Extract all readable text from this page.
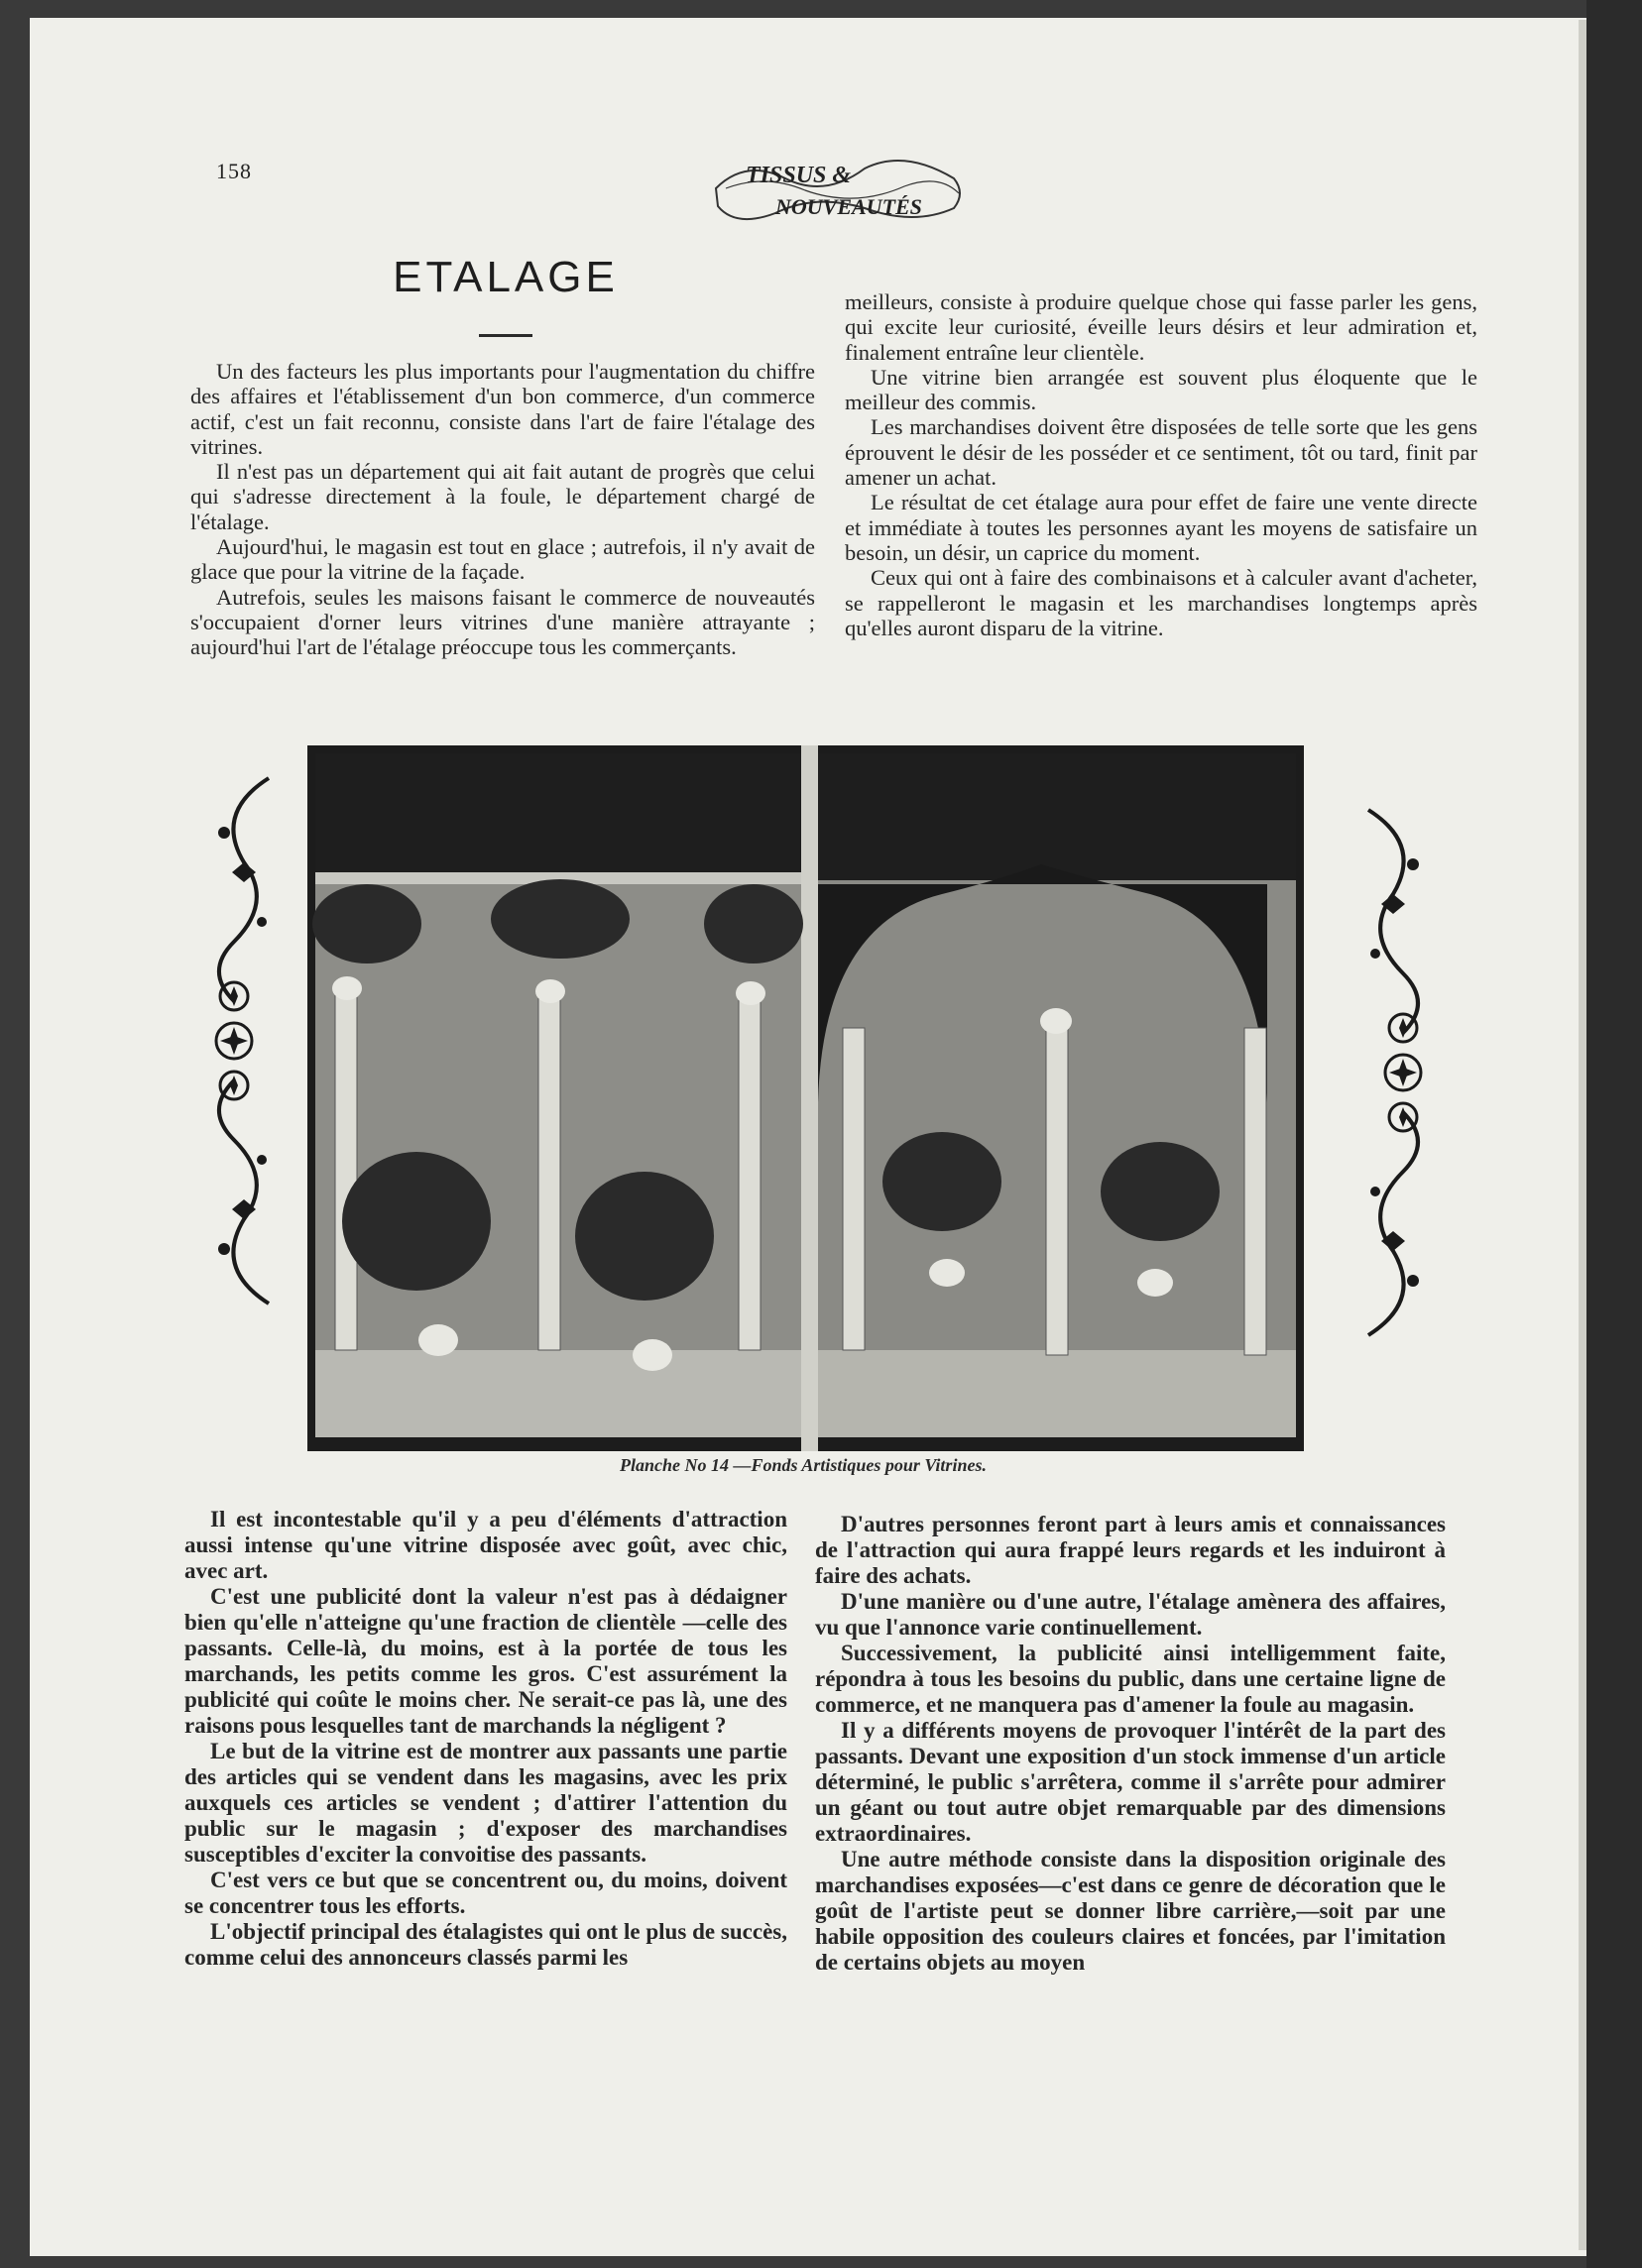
158	TISSUS &
NOUVEAUTÉS
ETALAGE

Un des facteurs les plus importants pour l'augmentation du chiffre des affaires et l'établissement d'un bon commerce, d'un commerce actif, c'est un fait reconnu, consiste dans l'art de faire l'étalage des vitrines.

Il n'est pas un département qui ait fait autant de progrès que celui qui s'adresse directement à la foule, le département chargé de l'étalage.

Aujourd'hui, le magasin est tout en glace ; autrefois, il n'y avait de glace que pour la vitrine de la façade.

Autrefois, seules les maisons faisant le commerce de nouveautés s'occupaient d'orner leurs vitrines d'une manière attrayante ; aujourd'hui l'art de l'étalage préoccupe tous les commerçants.

meilleurs, consiste à produire quelque chose qui fasse parler les gens, qui excite leur curiosité, éveille leurs désirs et leur admiration et, finalement entraîne leur clientèle.

Une vitrine bien arrangée est souvent plus éloquente que le meilleur des commis.

Les marchandises doivent être disposées de telle sorte que les gens éprouvent le désir de les posséder et ce sentiment, tôt ou tard, finit par amener un achat.

Le résultat de cet étalage aura pour effet de faire une vente directe et immédiate à toutes les personnes ayant les moyens de satisfaire un besoin, un désir, un caprice du moment.

Ceux qui ont à faire des combinaisons et à calculer avant d'acheter, se rappelleront le magasin et les marchandises longtemps après qu'elles auront disparu de la vitrine.

Planche No 14 —Fonds Artistiques pour Vitrines.

Il est incontestable qu'il y a peu d'éléments d'attraction aussi intense qu'une vitrine disposée avec goût, avec chic, avec art.

C'est une publicité dont la valeur n'est pas à dédaigner bien qu'elle n'atteigne qu'une fraction de clientèle —celle des passants. Celle-là, du moins, est à la portée de tous les marchands, les petits comme les gros. C'est assurément la publicité qui coûte le moins cher. Ne serait-ce pas là, une des raisons pous lesquelles tant de marchands la négligent ?

Le but de la vitrine est de montrer aux passants une partie des articles qui se vendent dans les magasins, avec les prix auxquels ces articles se vendent ; d'attirer l'attention du public sur le magasin ; d'exposer des marchandises susceptibles d'exciter la convoitise des passants.

C'est vers ce but que se concentrent ou, du moins, doivent se concentrer tous les efforts.

L'objectif principal des étalagistes qui ont le plus de succès, comme celui des annonceurs classés parmi les

D'autres personnes feront part à leurs amis et connaissances de l'attraction qui aura frappé leurs regards et les induiront à faire des achats.

D'une manière ou d'une autre, l'étalage amènera des affaires, vu que l'annonce varie continuellement.

Successivement, la publicité ainsi intelligemment faite, répondra à tous les besoins du public, dans une certaine ligne de commerce, et ne manquera pas d'amener la foule au magasin.

Il y a différents moyens de provoquer l'intérêt de la part des passants. Devant une exposition d'un stock immense d'un article déterminé, le public s'arrêtera, comme il s'arrête pour admirer un géant ou tout autre objet remarquable par des dimensions extraordinaires.

Une autre méthode consiste dans la disposition originale des marchandises exposées—c'est dans ce genre de décoration que le goût de l'artiste peut se donner libre carrière,—soit par une habile opposition des couleurs claires et foncées, par l'imitation de certains objets au moyen
